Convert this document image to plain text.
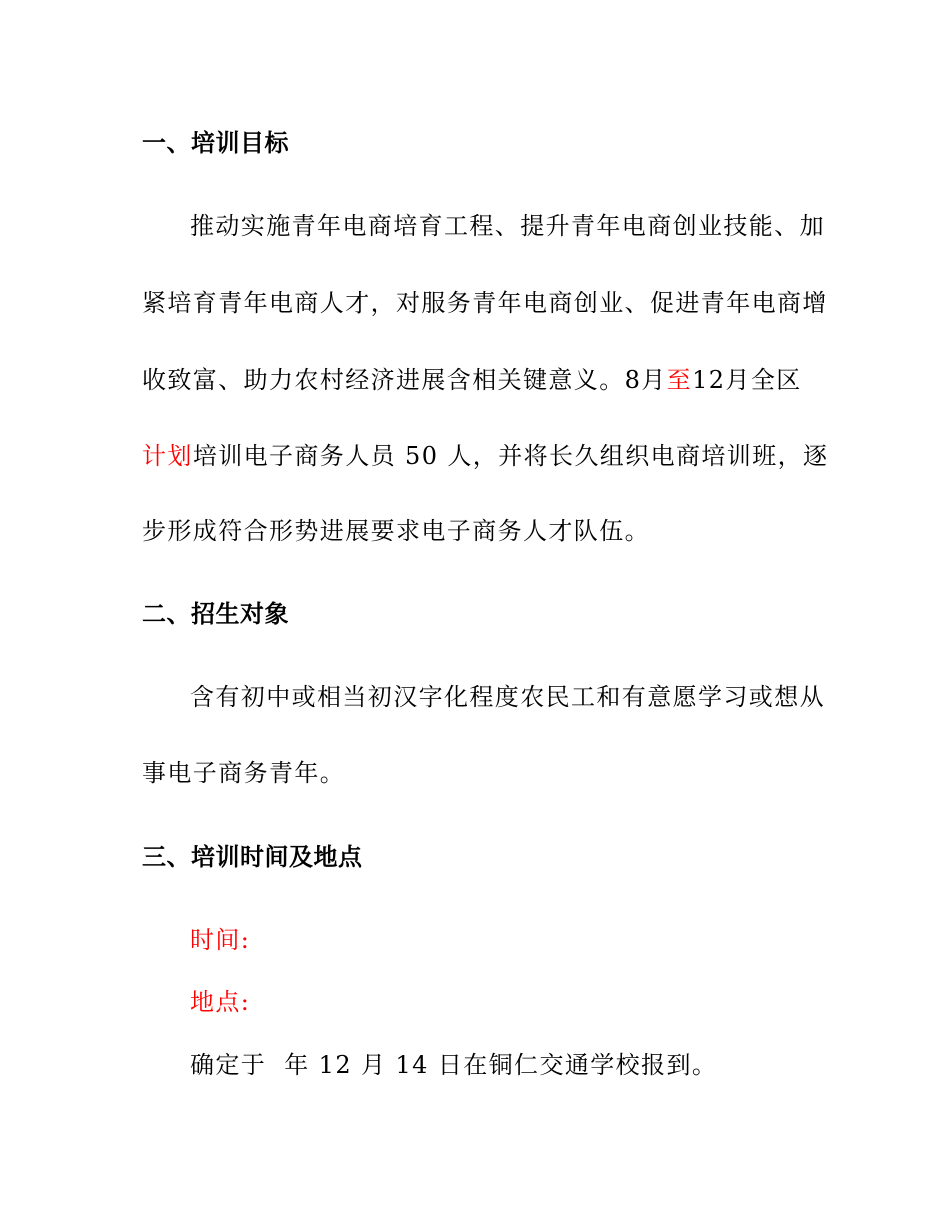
一、培训目标
推动实施青年电商培育工程、提升青年电商创业技能、加
紧培育青年电商人才，对服务青年电商创业、促进青年电商增
收致富、助力农村经济进展含相关键意义。8月至12月全区
计划培训电子商务人员 50 人，并将长久组织电商培训班，逐
步形成符合形势进展要求电子商务人才队伍。
二、招生对象
含有初中或相当初汉字化程度农民工和有意愿学习或想从
事电子商务青年。
三、培训时间及地点
时间:
地点:
确定于  年 12 月 14 日在铜仁交通学校报到。
